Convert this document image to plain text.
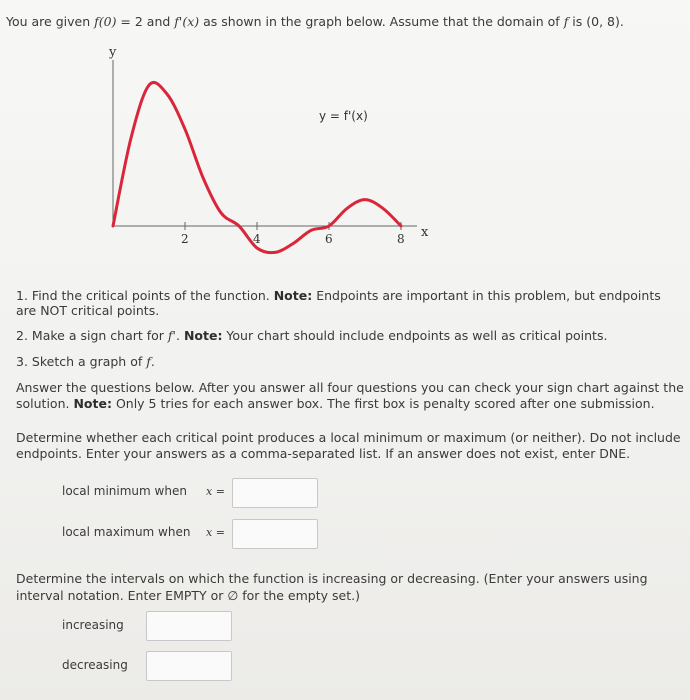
You are given f(0) = 2 and f'(x) as shown in the graph below. Assume that the domain of f is (0, 8).
y
x
y = f'(x)
2	4	6	8
1. Find the critical points of the function. Note: Endpoints are important in this problem, but endpoints
are NOT critical points.
2. Make a sign chart for f'. Note: Your chart should include endpoints as well as critical points.
3. Sketch a graph of f.
Answer the questions below. After you answer all four questions you can check your sign chart against the
solution. Note: Only 5 tries for each answer box. The first box is penalty scored after one submission.
Determine whether each critical point produces a local minimum or maximum (or neither). Do not include
endpoints. Enter your answers as a comma-separated list. If an answer does not exist, enter DNE.
local minimum when x =
local maximum when x =
Determine the intervals on which the function is increasing or decreasing. (Enter your answers using
interval notation. Enter EMPTY or ∅ for the empty set.)
increasing
decreasing
